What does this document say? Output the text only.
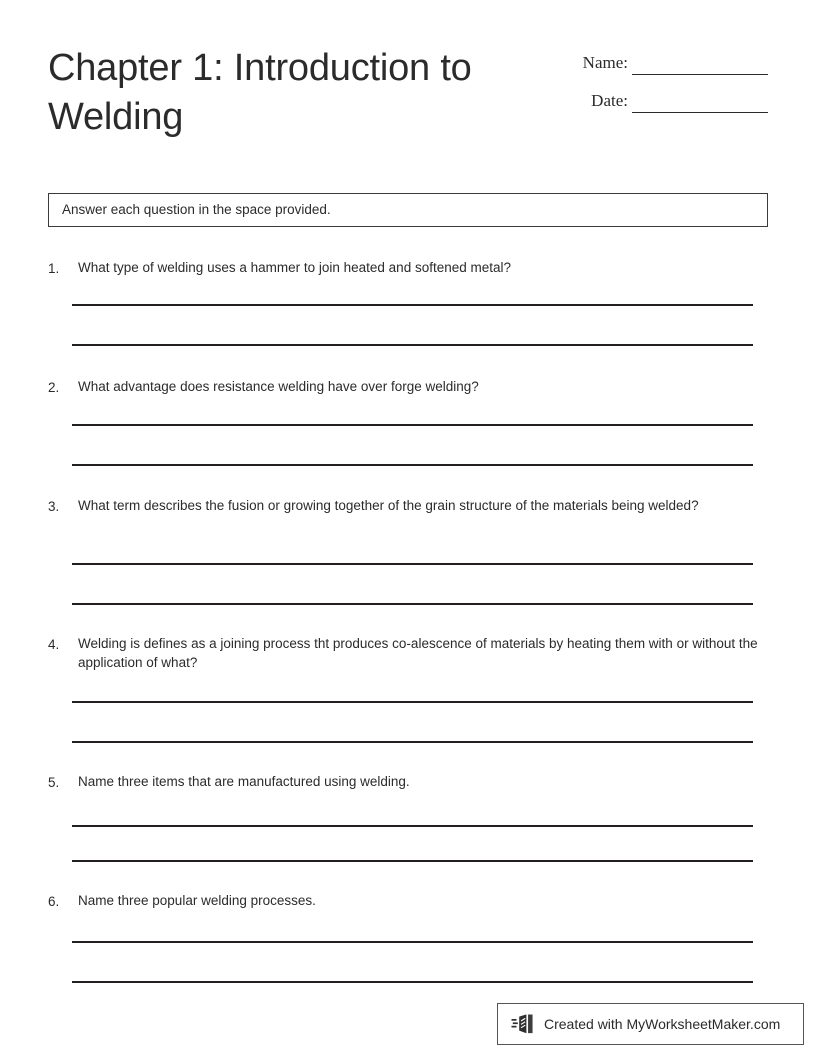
Chapter 1: Introduction to Welding
Name:
Date:
Answer each question in the space provided.
1.	What type of welding uses a hammer to join heated and softened metal?
2.	What advantage does resistance welding have over forge welding?
3.	What term describes the fusion or growing together of the grain structure of the materials being welded?
4.	Welding is defines as a joining process tht produces co-alescence of materials by heating them with or without the application of what?
5.	Name three items that are manufactured using welding.
6.	Name three popular welding processes.
Created with MyWorksheetMaker.com
